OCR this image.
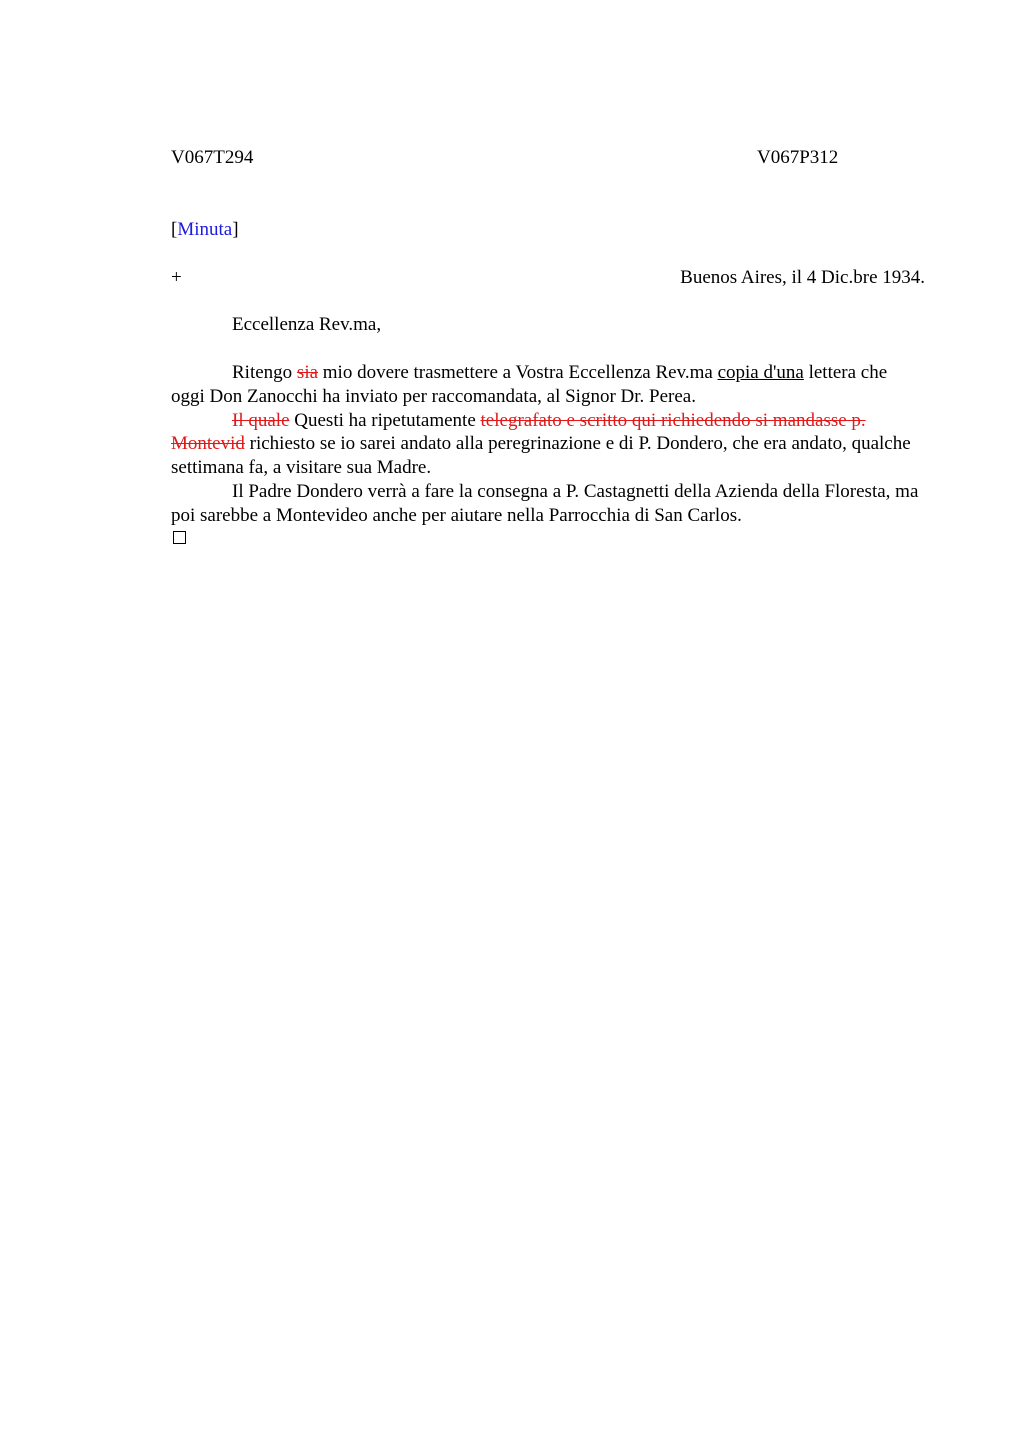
V067T294	V067P312
[Minuta]
+	Buenos Aires, il 4 Dic.bre 1934.
Eccellenza Rev.ma,

Ritengo sia mio dovere trasmettere a Vostra Eccellenza Rev.ma copia d'una lettera che oggi Don Zanocchi ha inviato per raccomandata, al Signor Dr. Perea.

Il quale Questi ha ripetutamente telegrafato e scritto qui richiedendo si mandasse p. Montevid richiesto se io sarei andato alla peregrinazione e di P. Dondero, che era andato, qualche settimana fa, a visitare sua Madre.

Il Padre Dondero verrà a fare la consegna a P. Castagnetti della Azienda della Floresta, ma poi sarebbe a Montevideo anche per aiutare nella Parrocchia di San Carlos.
